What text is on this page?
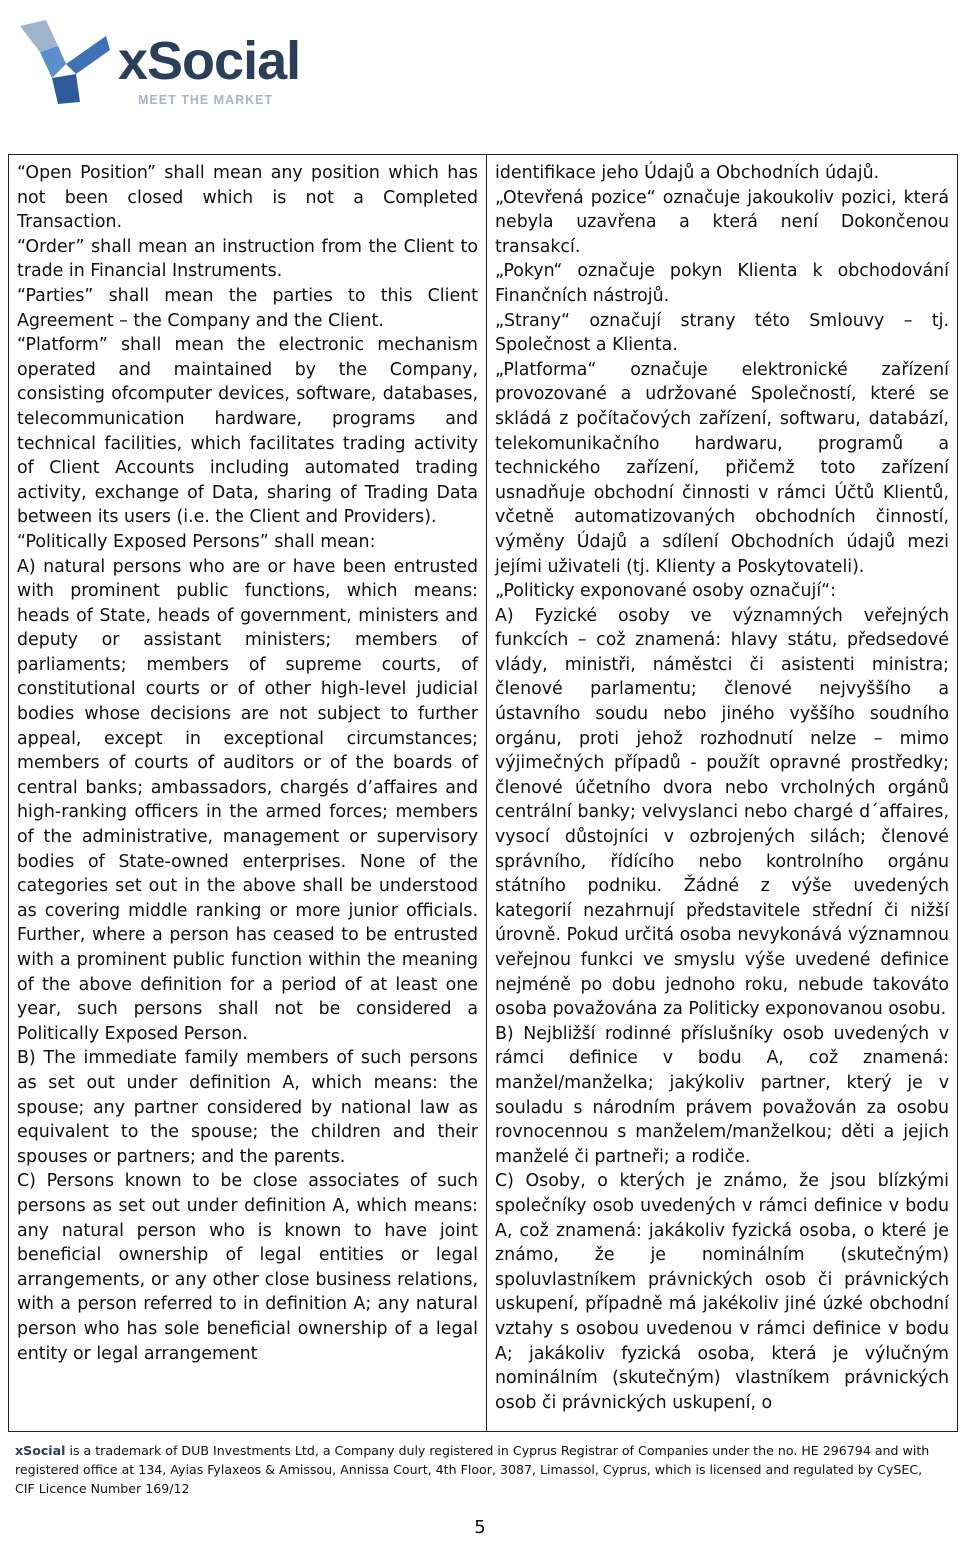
xSocial
MEET THE MARKET

“Open Position” shall mean any position which has not been closed which is not a Completed Transaction.

“Order” shall mean an instruction from the Client to trade in Financial Instruments.

“Parties” shall mean the parties to this Client Agreement – the Company and the Client.

“Platform” shall mean the electronic mechanism operated and maintained by the Company, consisting ofcomputer devices, software, databases, telecommunication hardware, programs and technical facilities, which facilitates trading activity of Client Accounts including automated trading activity, exchange of Data, sharing of Trading Data between its users (i.e. the Client and Providers).

“Politically Exposed Persons” shall mean:

A) natural persons who are or have been entrusted with prominent public functions, which means: heads of State, heads of government, ministers and deputy or assistant ministers; members of parliaments; members of supreme courts, of constitutional courts or of other high-level judicial bodies whose decisions are not subject to further appeal, except in exceptional circumstances; members of courts of auditors or of the boards of central banks; ambassadors, chargés d’affaires and high-ranking officers in the armed forces; members of the administrative, management or supervisory bodies of State-owned enterprises. None of the categories set out in the above shall be understood as covering middle ranking or more junior officials. Further, where a person has ceased to be entrusted with a prominent public function within the meaning of the above definition for a period of at least one year, such persons shall not be considered a Politically Exposed Person.

B) The immediate family members of such persons as set out under definition A, which means: the spouse; any partner considered by national law as equivalent to the spouse; the children and their spouses or partners; and the parents.

C) Persons known to be close associates of such persons as set out under definition A, which means: any natural person who is known to have joint beneficial ownership of legal entities or legal arrangements, or any other close business relations, with a person referred to in definition A; any natural person who has sole beneficial ownership of a legal entity or legal arrangement

identifikace jeho Údajů a Obchodních údajů.

„Otevřená pozice“ označuje jakoukoliv pozici, která nebyla uzavřena a která není Dokončenou transakcí.

„Pokyn“ označuje pokyn Klienta k obchodování Finančních nástrojů.

„Strany“ označují strany této Smlouvy – tj. Společnost a Klienta.

„Platforma“ označuje elektronické zařízení provozované a udržované Společností, které se skládá z počítačových zařízení, softwaru, databází, telekomunikačního hardwaru, programů a technického zařízení, přičemž toto zařízení usnadňuje obchodní činnosti v rámci Účtů Klientů, včetně automatizovaných obchodních činností, výměny Údajů a sdílení Obchodních údajů mezi jejími uživateli (tj. Klienty a Poskytovateli).

„Politicky exponované osoby označují“:

A) Fyzické osoby ve významných veřejných funkcích – což znamená: hlavy státu, předsedové vlády, ministři, náměstci či asistenti ministra; členové parlamentu; členové nejvyššího a ústavního soudu nebo jiného vyššího soudního orgánu, proti jehož rozhodnutí nelze – mimo výjimečných případů - použít opravné prostředky; členové účetního dvora nebo vrcholných orgánů centrální banky; velvyslanci nebo chargé d´affaires, vysocí důstojníci v ozbrojených silách; členové správního, řídícího nebo kontrolního orgánu státního podniku. Žádné z výše uvedených kategorií nezahrnují představitele střední či nižší úrovně. Pokud určitá osoba nevykonává významnou veřejnou funkci ve smyslu výše uvedené definice nejméně po dobu jednoho roku, nebude takováto osoba považována za Politicky exponovanou osobu.

B) Nejbližší rodinné příslušníky osob uvedených v rámci definice v bodu A, což znamená: manžel/manželka; jakýkoliv partner, který je v souladu s národním právem považován za osobu rovnocennou s manželem/manželkou; děti a jejich manželé či partneři; a rodiče.

C) Osoby, o kterých je známo, že jsou blízkými společníky osob uvedených v rámci definice v bodu A, což znamená: jakákoliv fyzická osoba, o které je známo, že je nominálním (skutečným) spoluvlastníkem právnických osob či právnických uskupení, případně má jakékoliv jiné úzké obchodní vztahy s osobou uvedenou v rámci definice v bodu A; jakákoliv fyzická osoba, která je výlučným nominálním (skutečným) vlastníkem právnických osob či právnických uskupení, o

xSocial is a trademark of DUB Investments Ltd, a Company duly registered in Cyprus Registrar of Companies under the no. HE 296794 and with registered office at 134, Ayias Fylaxeos & Amissou, Annissa Court, 4th Floor, 3087, Limassol, Cyprus, which is licensed and regulated by CySEC, CIF Licence Number 169/12
5
